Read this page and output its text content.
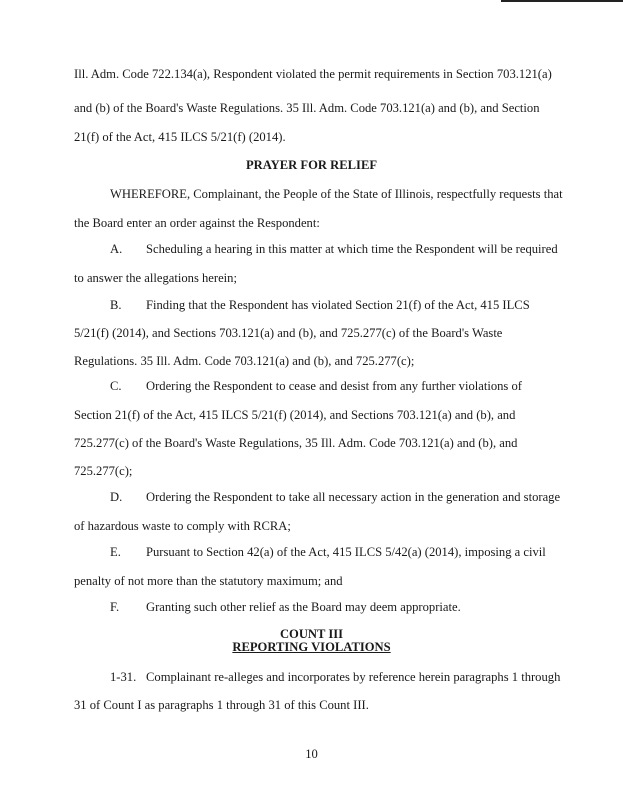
Ill. Adm. Code 722.134(a), Respondent violated the permit requirements in Section 703.121(a)
and (b) of the Board's Waste Regulations. 35 Ill. Adm. Code 703.121(a) and (b), and Section
21(f) of the Act, 415 ILCS 5/21(f) (2014).
PRAYER FOR RELIEF
WHEREFORE, Complainant, the People of the State of Illinois, respectfully requests that
the Board enter an order against the Respondent:
A. Scheduling a hearing in this matter at which time the Respondent will be required
to answer the allegations herein;
B. Finding that the Respondent has violated Section 21(f) of the Act, 415 ILCS
5/21(f) (2014), and Sections 703.121(a) and (b), and 725.277(c) of the Board's Waste
Regulations. 35 Ill. Adm. Code 703.121(a) and (b), and 725.277(c);
C. Ordering the Respondent to cease and desist from any further violations of
Section 21(f) of the Act, 415 ILCS 5/21(f) (2014), and Sections 703.121(a) and (b), and
725.277(c) of the Board's Waste Regulations, 35 Ill. Adm. Code 703.121(a) and (b), and
725.277(c);
D. Ordering the Respondent to take all necessary action in the generation and storage
of hazardous waste to comply with RCRA;
E. Pursuant to Section 42(a) of the Act, 415 ILCS 5/42(a) (2014), imposing a civil
penalty of not more than the statutory maximum; and
F. Granting such other relief as the Board may deem appropriate.
COUNT III
REPORTING VIOLATIONS
1-31. Complainant re-alleges and incorporates by reference herein paragraphs 1 through
31 of Count I as paragraphs 1 through 31 of this Count III.
10
